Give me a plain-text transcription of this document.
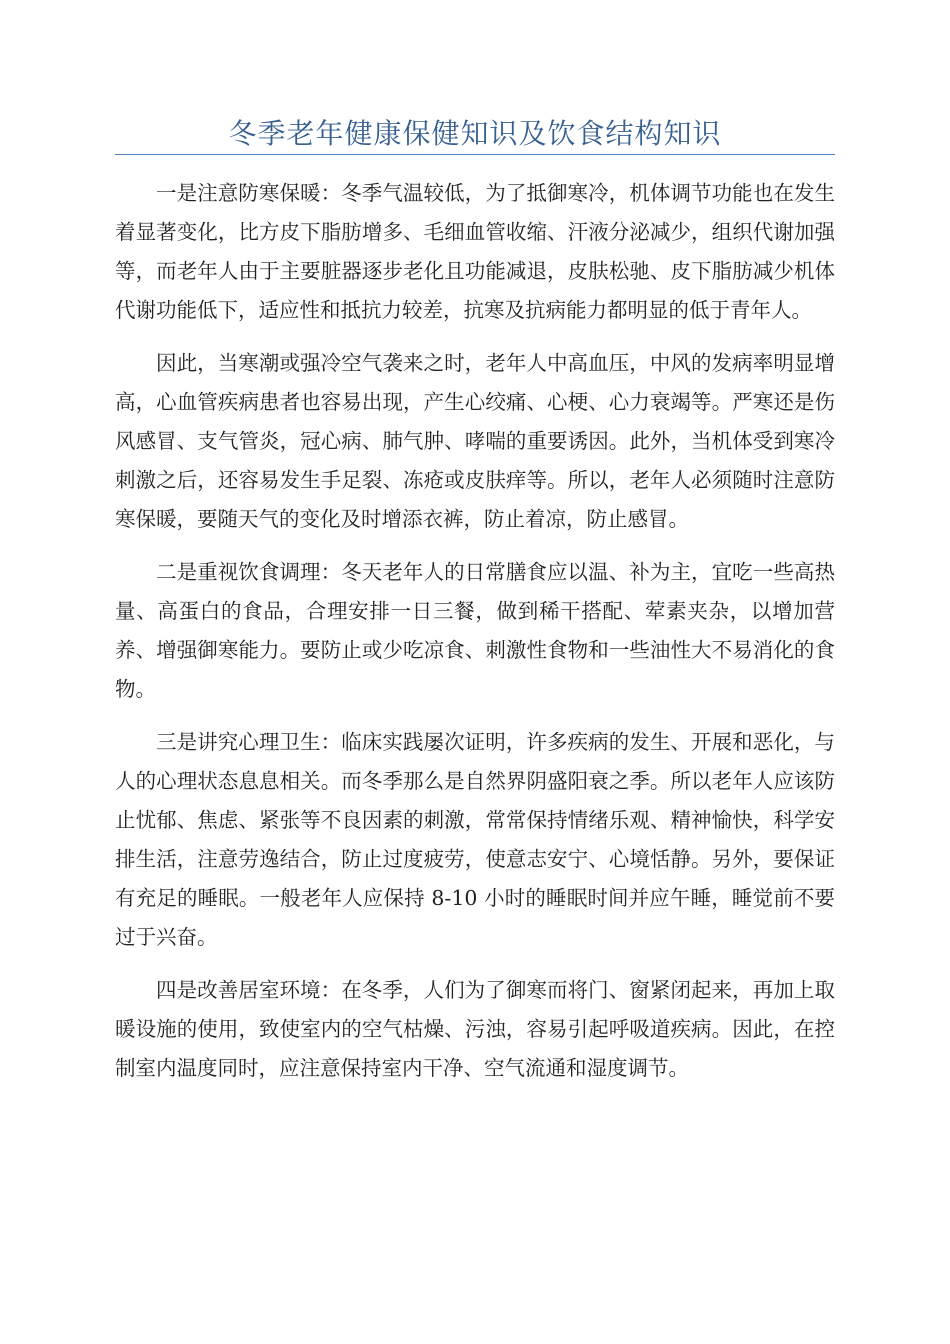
冬季老年健康保健知识及饮食结构知识

一是注意防寒保暖：冬季气温较低，为了抵御寒冷，机体调节功能也在发生着显著变化，比方皮下脂肪增多、毛细血管收缩、汗液分泌减少，组织代谢加强等，而老年人由于主要脏器逐步老化且功能减退，皮肤松驰、皮下脂肪减少机体代谢功能低下，适应性和抵抗力较差，抗寒及抗病能力都明显的低于青年人。

因此，当寒潮或强冷空气袭来之时，老年人中高血压，中风的发病率明显增高，心血管疾病患者也容易出现，产生心绞痛、心梗、心力衰竭等。严寒还是伤风感冒、支气管炎，冠心病、肺气肿、哮喘的重要诱因。此外，当机体受到寒冷刺激之后，还容易发生手足裂、冻疮或皮肤痒等。所以，老年人必须随时注意防寒保暖，要随天气的变化及时增添衣裤，防止着凉，防止感冒。

二是重视饮食调理：冬天老年人的日常膳食应以温、补为主，宜吃一些高热量、高蛋白的食品，合理安排一日三餐，做到稀干搭配、荤素夹杂，以增加营养、增强御寒能力。要防止或少吃凉食、刺激性食物和一些油性大不易消化的食物。

三是讲究心理卫生：临床实践屡次证明，许多疾病的发生、开展和恶化，与人的心理状态息息相关。而冬季那么是自然界阴盛阳衰之季。所以老年人应该防止忧郁、焦虑、紧张等不良因素的刺激，常常保持情绪乐观、精神愉快，科学安排生活，注意劳逸结合，防止过度疲劳，使意志安宁、心境恬静。另外，要保证有充足的睡眠。一般老年人应保持 8-10 小时的睡眠时间并应午睡，睡觉前不要过于兴奋。

四是改善居室环境：在冬季，人们为了御寒而将门、窗紧闭起来，再加上取暖设施的使用，致使室内的空气枯燥、污浊，容易引起呼吸道疾病。因此，在控制室内温度同时，应注意保持室内干净、空气流通和湿度调节。
